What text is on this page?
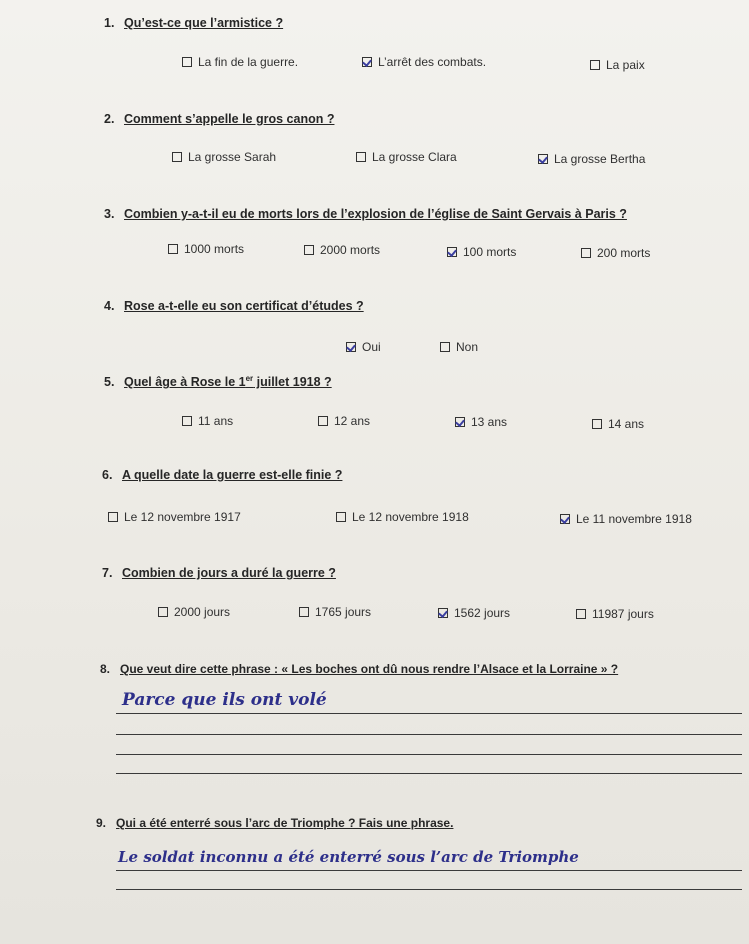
1. Qu’est-ce que l’armistice ?
La fin de la guerre.	L’arrêt des combats.	La paix
2. Comment s’appelle le gros canon ?
La grosse Sarah	La grosse Clara	La grosse Bertha
3. Combien y-a-t-il eu de morts lors de l’explosion de l’église de Saint Gervais à Paris ?
1000 morts	2000 morts	100 morts	200 morts
4. Rose a-t-elle eu son certificat d’études ?
Oui	Non
5. Quel âge à Rose le 1er juillet 1918 ?
11 ans	12 ans	13 ans	14 ans
6. A quelle date la guerre est-elle finie ?
Le 12 novembre 1917	Le 12 novembre 1918	Le 11 novembre 1918
7. Combien de jours a duré la guerre ?
2000 jours	1765 jours	1562 jours	11987 jours
8. Que veut dire cette phrase : « Les boches ont dû nous rendre l’Alsace et la Lorraine » ?
Parce que ils ont volé
9. Qui a été enterré sous l’arc de Triomphe ? Fais une phrase.
Le soldat inconnu a été enterré sous l’arc de Triomphe
